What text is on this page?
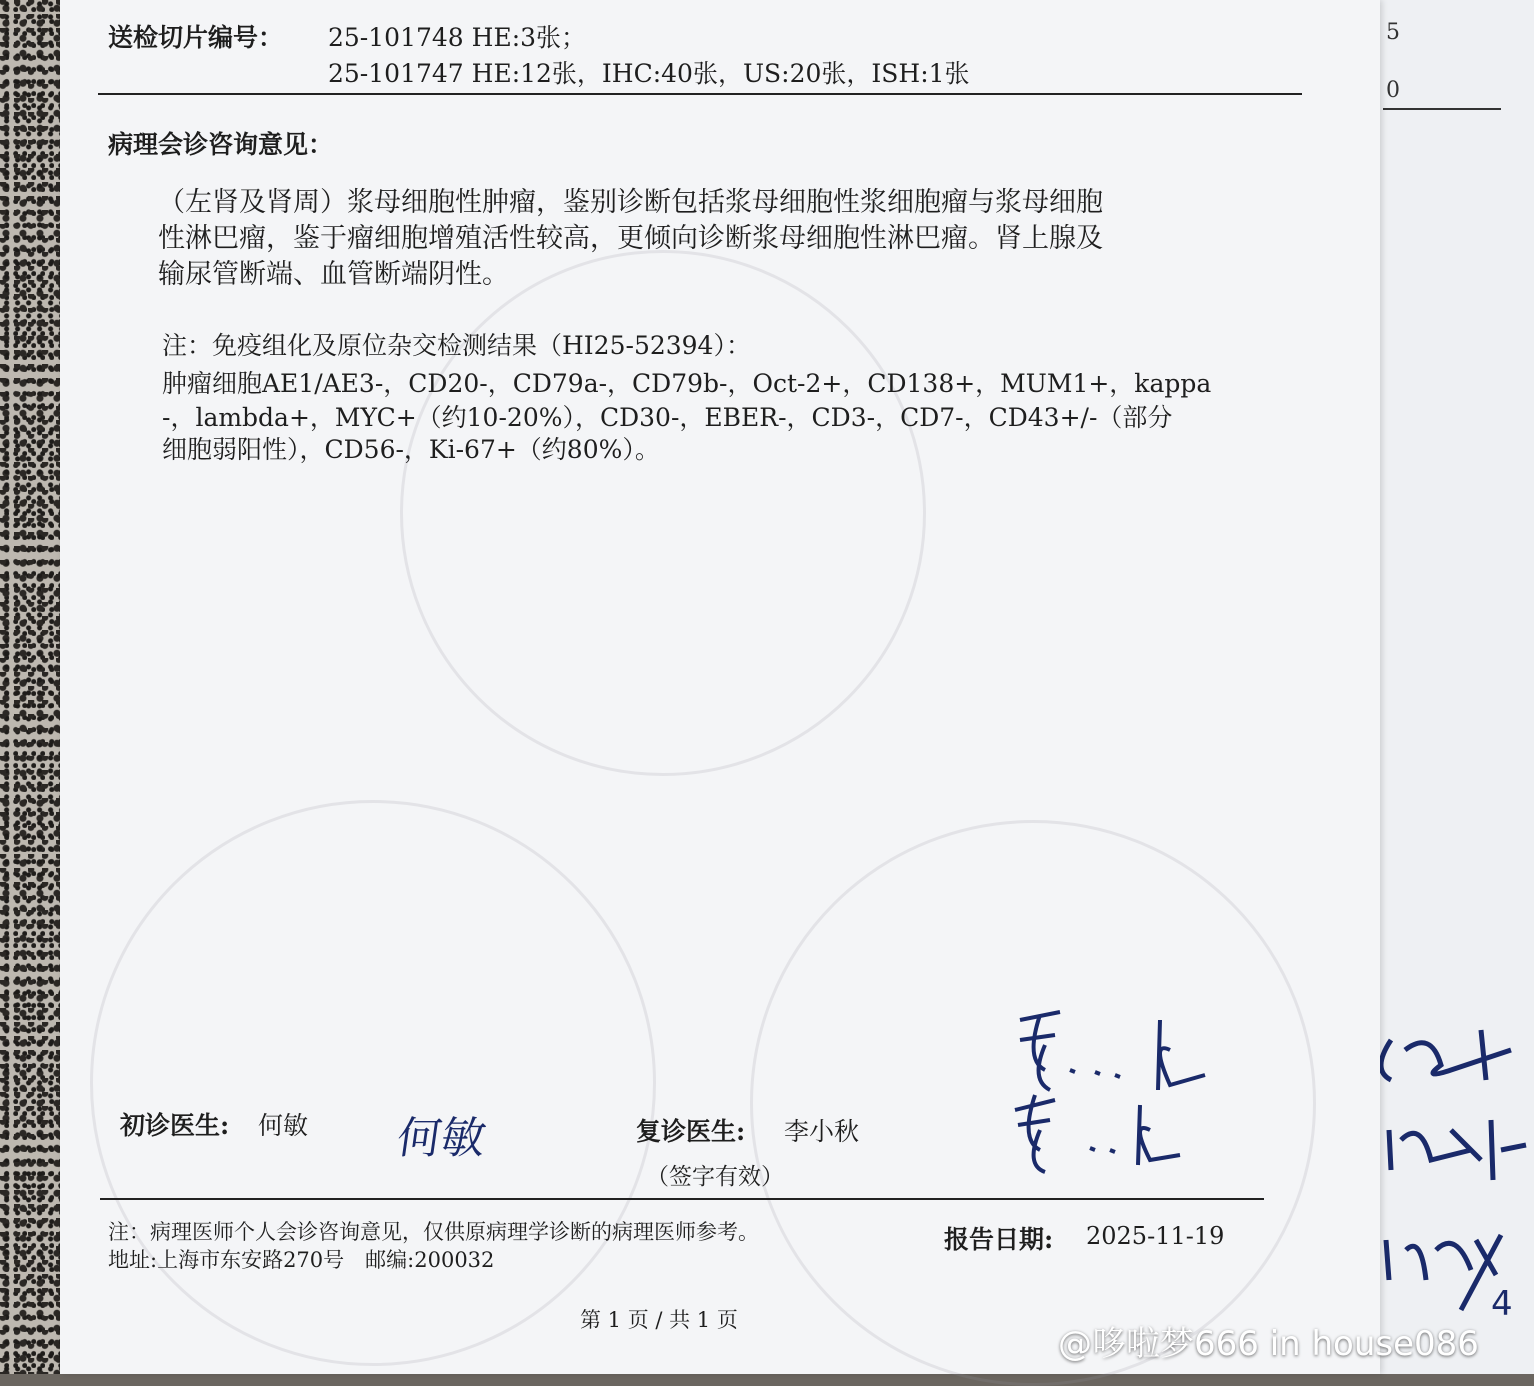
5
0
4
送检切片编号： 25-101748 HE:3张；
25-101747 HE:12张，IHC:40张，US:20张，ISH:1张
病理会诊咨询意见：
（左肾及肾周）浆母细胞性肿瘤，鉴别诊断包括浆母细胞性浆细胞瘤与浆母细胞
性淋巴瘤，鉴于瘤细胞增殖活性较高，更倾向诊断浆母细胞性淋巴瘤。肾上腺及
输尿管断端、血管断端阴性。
注：免疫组化及原位杂交检测结果（HI25-52394）：
肿瘤细胞AE1/AE3-，CD20-，CD79a-，CD79b-，Oct-2+，CD138+，MUM1+，kappa
-，lambda+，MYC+（约10-20%），CD30-，EBER-，CD3-，CD7-，CD43+/-（部分
细胞弱阳性），CD56-，Ki-67+（约80%）。
初诊医生: 何敏 何敏	复诊医生: 李小秋
（签字有效）
注：病理医师个人会诊咨询意见，仅供原病理学诊断的病理医师参考。
地址:上海市东安路270号　邮编:200032
报告日期: 2025-11-19
第 1 页 / 共 1 页
@哆啦梦666 in house086
